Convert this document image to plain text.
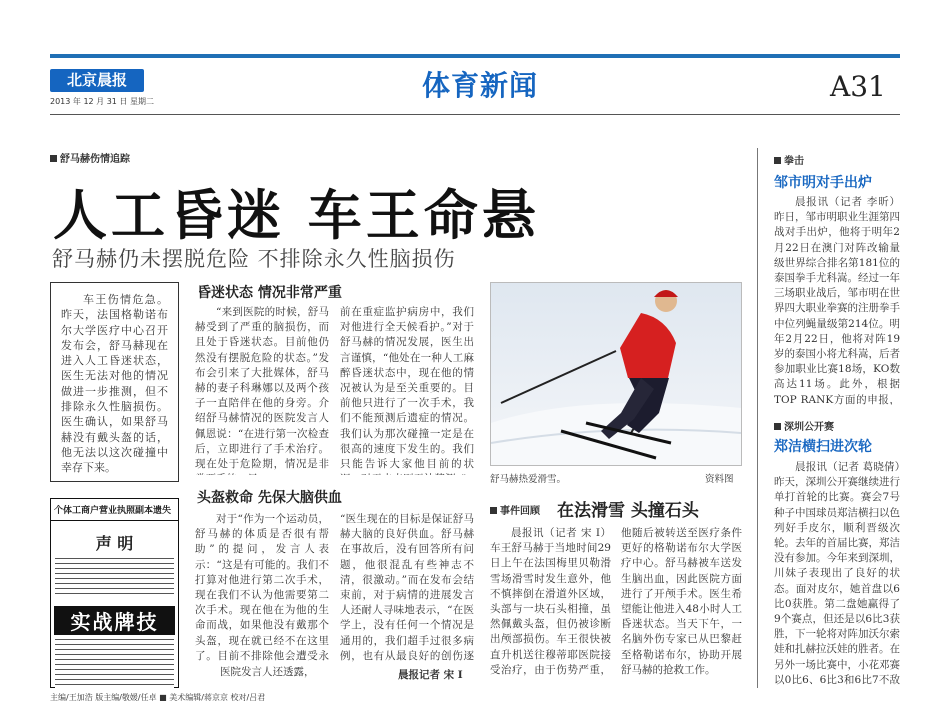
北京晨报
2013 年 12 月 31 日 星期二	体育新闻	A31
舒马赫伤情追踪
人工昏迷 车王命悬
舒马赫仍未摆脱危险 不排除永久性脑损伤

车王伤情危急。昨天，法国格勒诺布尔大学医疗中心召开发布会，舒马赫现在进入人工昏迷状态，医生无法对他的情况做进一步推测，但不排除永久性脑损伤。医生确认，如果舒马赫没有戴头盔的话，他无法以这次碰撞中幸存下来。

昏迷状态 情况非常严重
“来到医院的时候，舒马赫受到了严重的脑损伤，而且处于昏迷状态。目前他仍然没有摆脱危险的状态。”发布会引来了大批媒体，舒马赫的妻子科琳娜以及两个孩子一直陪伴在他的身旁。介绍舒马赫情况的医院发言人佩恩说：“在进行第一次检查后，立即进行了手术治疗。现在处于危险期，情况是非
前在重症监护病房中，我们对他进行全天候看护。”对于舒马赫的情况发展，医生出言谨慎，“他处在一种人工麻醉昏迷状态中，现在他的情况被认为是至关重要的。目前他只进行了一次手术，我们不能预测后遗症的情况。我们认为那次碰撞一定是在很高的速度下发生的。我们只能告诉大家他目前的状
头盔救命 先保大脑供血
对于“作为一个运动员，舒马赫的体质是否很有帮助”的提问，发言人表示：“这是有可能的。我们不打算对他进行第二次手术，现在我们不认为他需要第二次手术。现在他在为他的生命而战，如果他没有戴那个头盔，现在就已经不在这里了。目前不排除他会遭受永
医院发言人还透露，
“医生现在的目标是保证舒马赫大脑的良好供血。舒马赫在事故后，没有回答所有问题，他很混乱有些神志不清，很激动。”而在发布会结束前，对于病情的进展发言人还耐人寻味地表示，“在医学上，没有任何一个情况是通用的，我们超手过很多病例，也有从最良好的创伤逐
晨报记者 宋 Ⅰ
舒马赫热爱滑雪。	资料图
事件回顾 在法滑雪 头撞石头
晨报讯（记者 宋 Ⅰ）车王舒马赫于当地时间29日上午在法国梅里贝勒滑雪场滑雪时发生意外，他不慎摔倒在滑道外区域，头部与一块石头相撞，虽然佩戴头盔，但仍被诊断出颅部损伤。车王很快被直升机送往穆蒂耶医院接受治疗，由于伤势严重，他随后被转送至医疗条件更好的格勒诺布尔大学医疗中心。舒马赫被车送发生脑出血，因此医院方面进行了开颅手术。医生希望能让他进入48小时人工昏迷状态。当天下午，一名脑外伤专家已从巴黎赶至格勒诺布尔，协助开展舒马赫的抢救工作。
个体工商户营业执照副本遗失
声 明
实战牌技
拳击
邹市明对手出炉
晨报讯（记者 李昕）昨日，邹市明职业生涯第四战对手出炉，他将于明年2月22日在澳门对阵改输量级世界综合排名第181位的泰国拳手尤科嵩。经过一年三场职业战后，邹市明在世界四大职业拳赛的注册拳手中位列蝇量级第214位。明年2月22日，他将对阵19岁的泰国小将尤科嵩，后者参加职业比赛18场，KO数高达11场。此外，根据TOP RANK方面的申报，
深圳公开赛
郑洁横扫进次轮
晨报讯（记者 葛晓倩）昨天，深圳公开赛继续进行单打首轮的比赛。赛会7号种子中国球员郑洁横扫以色列好手皮尔，顺利晋级次轮。去年的首届比赛，郑洁没有参加。今年来到深圳，川妹子表现出了良好的状态。面对皮尔，她首盘以6比0获胜。第二盘她赢得了9个赛点，但还是以6比3获胜，下一轮将对阵加沃尔索娃和扎赫拉沃娃的胜者。在另外一场比赛中，小花邓赛以0比6、6比3和6比7不敌
主编/王加浩 版主编/敬媛/任卓 ■ 美术编辑/蒋京京 校对/吕君
